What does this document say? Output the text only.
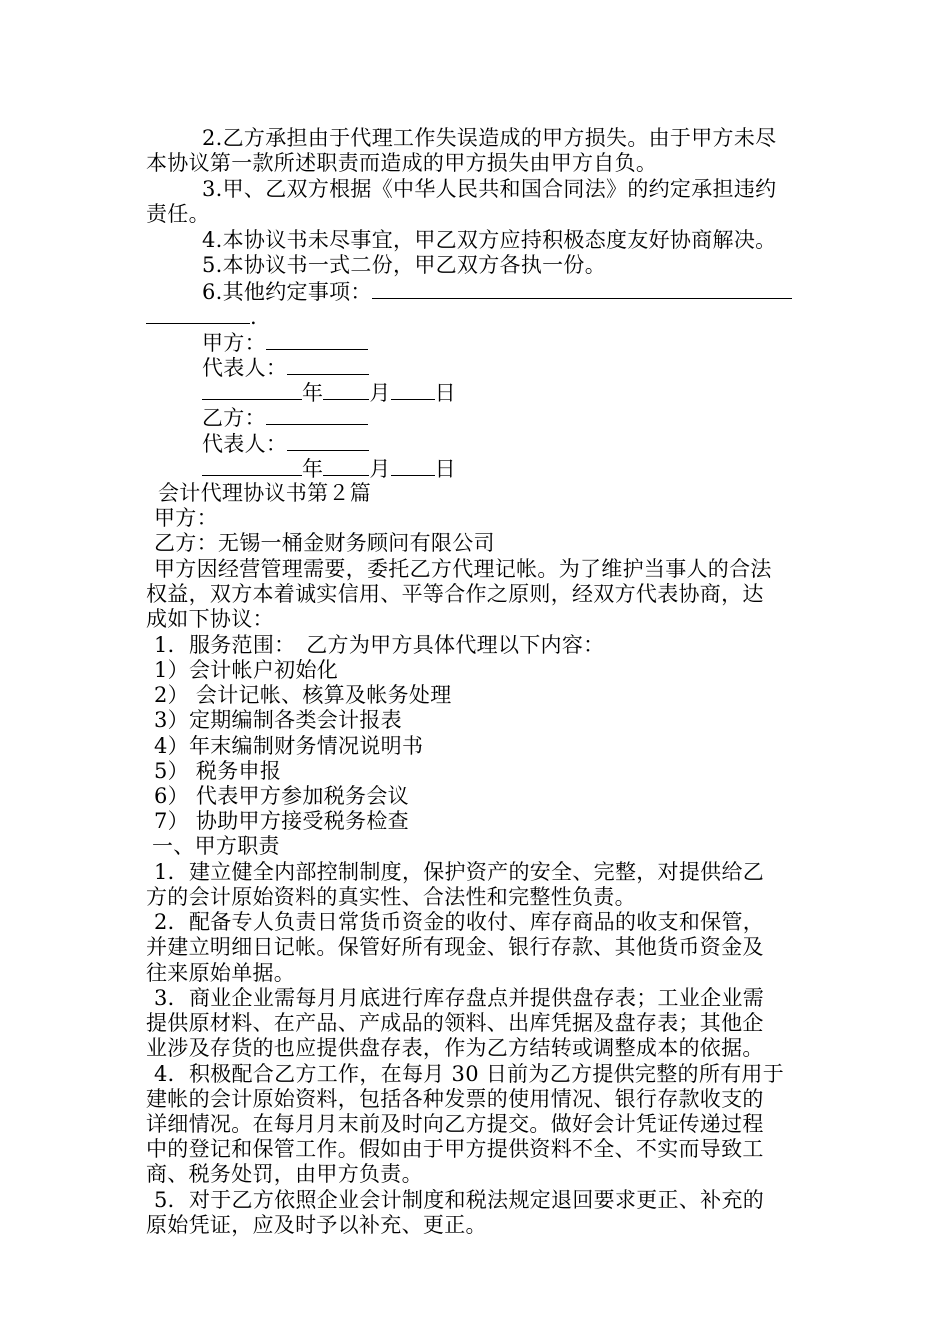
2.乙方承担由于代理工作失误造成的甲方损失。由于甲方未尽
本协议第一款所述职责而造成的甲方损失由甲方自负。
3.甲、乙双方根据《中华人民共和国合同法》的约定承担违约
责任。
4.本协议书未尽事宜，甲乙双方应持积极态度友好协商解决。
5.本协议书一式二份，甲乙双方各执一份。
6.其他约定事项：
.
甲方：
代表人：
年 月 日
乙方：
代表人：
年 月 日
会计代理协议书第２篇
甲方：
乙方：无锡一桶金财务顾问有限公司
甲方因经营管理需要，委托乙方代理记帐。为了维护当事人的合法
权益，双方本着诚实信用、平等合作之原则，经双方代表协商，达
成如下协议：
1．服务范围：　乙方为甲方具体代理以下内容：
1）会计帐户初始化
2） 会计记帐、核算及帐务处理
3）定期编制各类会计报表
4）年末编制财务情况说明书
5） 税务申报
6） 代表甲方参加税务会议
7） 协助甲方接受税务检查
一、甲方职责
1．建立健全内部控制制度，保护资产的安全、完整，对提供给乙
方的会计原始资料的真实性、合法性和完整性负责。
2．配备专人负责日常货币资金的收付、库存商品的收支和保管，
并建立明细日记帐。保管好所有现金、银行存款、其他货币资金及
往来原始单据。
3．商业企业需每月月底进行库存盘点并提供盘存表；工业企业需
提供原材料、在产品、产成品的领料、出库凭据及盘存表；其他企
业涉及存货的也应提供盘存表，作为乙方结转或调整成本的依据。
4．积极配合乙方工作，在每月 30 日前为乙方提供完整的所有用于
建帐的会计原始资料，包括各种发票的使用情况、银行存款收支的
详细情况。在每月月末前及时向乙方提交。做好会计凭证传递过程
中的登记和保管工作。假如由于甲方提供资料不全、不实而导致工
商、税务处罚，由甲方负责。
5．对于乙方依照企业会计制度和税法规定退回要求更正、补充的
原始凭证，应及时予以补充、更正。
